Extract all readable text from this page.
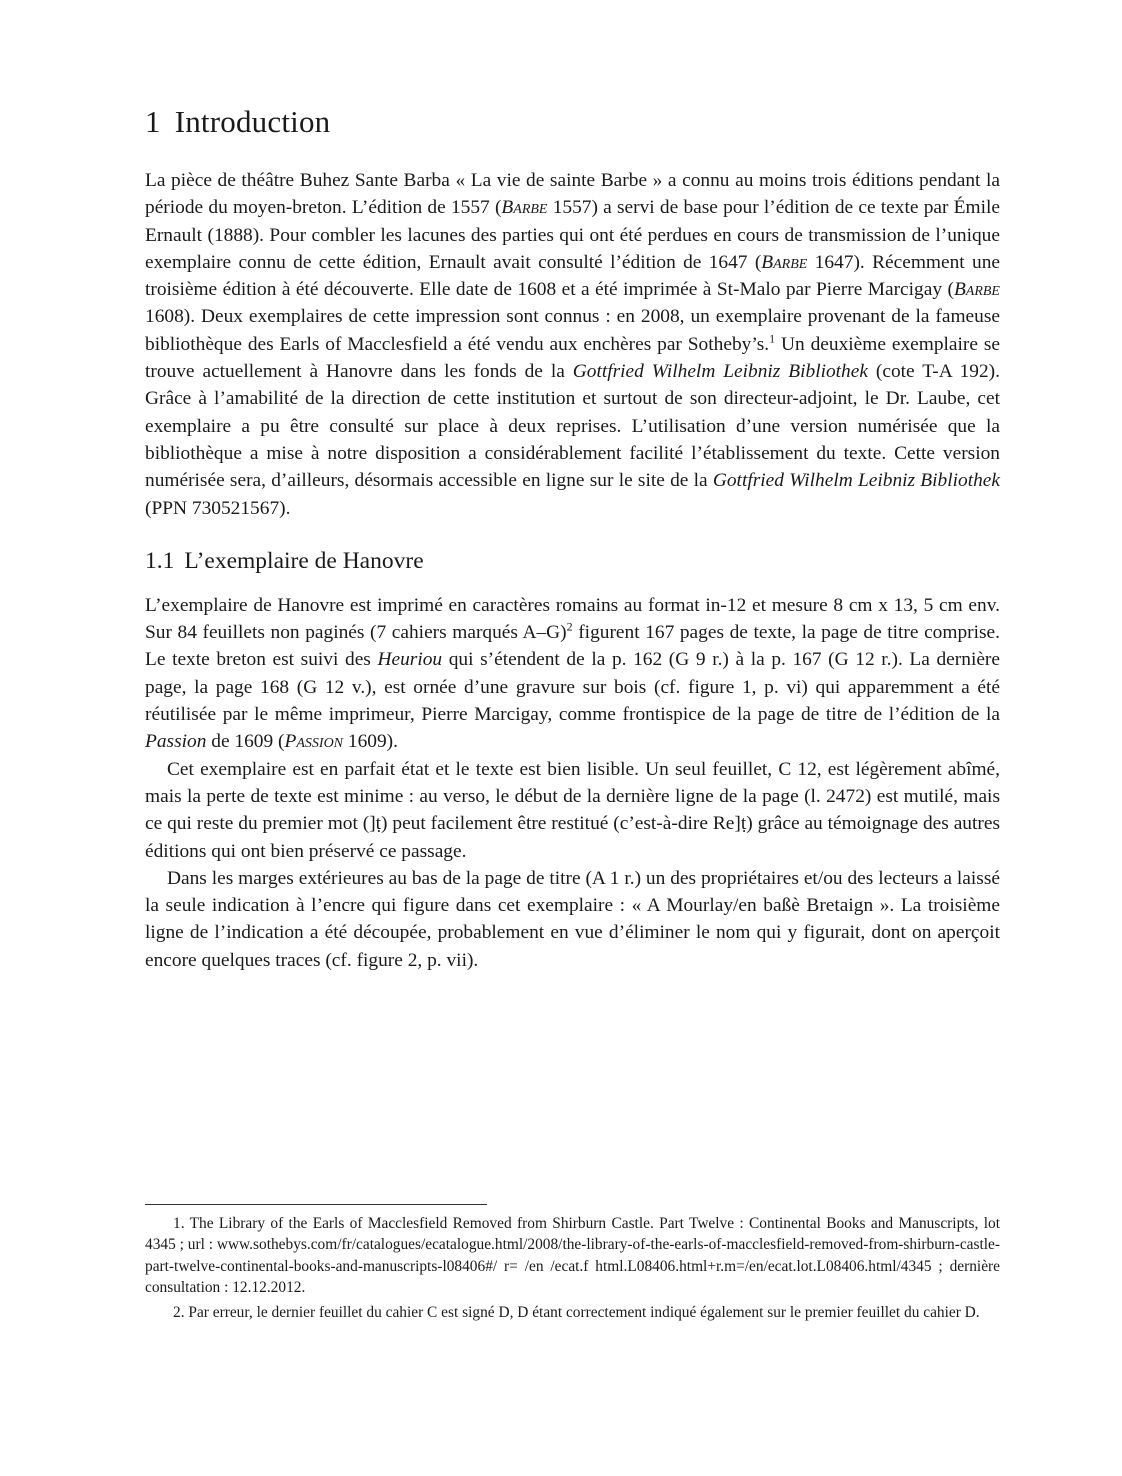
1 Introduction

La pièce de théâtre Buhez Sante Barba « La vie de sainte Barbe » a connu au moins trois éditions pendant la période du moyen-breton. L’édition de 1557 (Barbe 1557) a servi de base pour l’édition de ce texte par Émile Ernault (1888). Pour combler les lacunes des parties qui ont été perdues en cours de transmission de l’unique exemplaire connu de cette édition, Ernault avait consulté l’édition de 1647 (Barbe 1647). Récemment une troisième édition à été découverte. Elle date de 1608 et a été imprimée à St-Malo par Pierre Marcigay (Barbe 1608). Deux exemplaires de cette impression sont connus : en 2008, un exemplaire provenant de la fameuse bibliothèque des Earls of Macclesfield a été vendu aux enchères par Sotheby’s.$^1$ Un deuxième exemplaire se trouve actuellement à Hanovre dans les fonds de la Gottfried Wilhelm Leibniz Bibliothek (cote T-A 192). Grâce à l’amabilité de la direction de cette institution et surtout de son directeur-adjoint, le Dr. Laube, cet exemplaire a pu être consulté sur place à deux reprises. L’utilisation d’une version numérisée que la bibliothèque a mise à notre disposition a considérablement facilité l’établissement du texte. Cette version numérisée sera, d’ailleurs, désormais accessible en ligne sur le site de la Gottfried Wilhelm Leibniz Bibliothek (PPN 730521567).

1.1 L’exemplaire de Hanovre

L’exemplaire de Hanovre est imprimé en caractères romains au format in-12 et mesure 8 cm x 13, 5 cm env. Sur 84 feuillets non paginés (7 cahiers marqués A–G)$^2$ figurent 167 pages de texte, la page de titre comprise. Le texte breton est suivi des Heuriou qui s’étendent de la p. 162 (G 9 r.) à la p. 167 (G 12 r.). La dernière page, la page 168 (G 12 v.), est ornée d’une gravure sur bois (cf. figure 1, p. vi) qui apparemment a été réutilisée par le même imprimeur, Pierre Marcigay, comme frontispice de la page de titre de l’édition de la Passion de 1609 (Passion 1609).

Cet exemplaire est en parfait état et le texte est bien lisible. Un seul feuillet, C 12, est légèrement abîmé, mais la perte de texte est minime : au verso, le début de la dernière ligne de la page (l. 2472) est mutilé, mais ce qui reste du premier mot (]ṭ) peut facilement être restitué (c’est-à-dire Re]ṭ) grâce au témoignage des autres éditions qui ont bien préservé ce passage.

Dans les marges extérieures au bas de la page de titre (A 1 r.) un des propriétaires et/ou des lecteurs a laissé la seule indication à l’encre qui figure dans cet exemplaire : « A Mourlay/en baßè Bretaign ». La troisième ligne de l’indication a été découpée, probablement en vue d’éliminer le nom qui y figurait, dont on aperçoit encore quelques traces (cf. figure 2, p. vii).

1. The Library of the Earls of Macclesfield Removed from Shirburn Castle. Part Twelve : Continental Books and Manuscripts, lot 4345 ; url : www.sothebys.com/fr/catalogues/ecatalogue.html/2008/the-library-of-the-earls-of-macclesfield-removed-from-shirburn-castle-part-twelve-continental-books-and-manuscripts-l08406#/ r= /en /ecat.f html.L08406.html+r.m=/en/ecat.lot.L08406.html/4345 ; dernière consultation : 12.12.2012.

2. Par erreur, le dernier feuillet du cahier C est signé D, D étant correctement indiqué également sur le premier feuillet du cahier D.
